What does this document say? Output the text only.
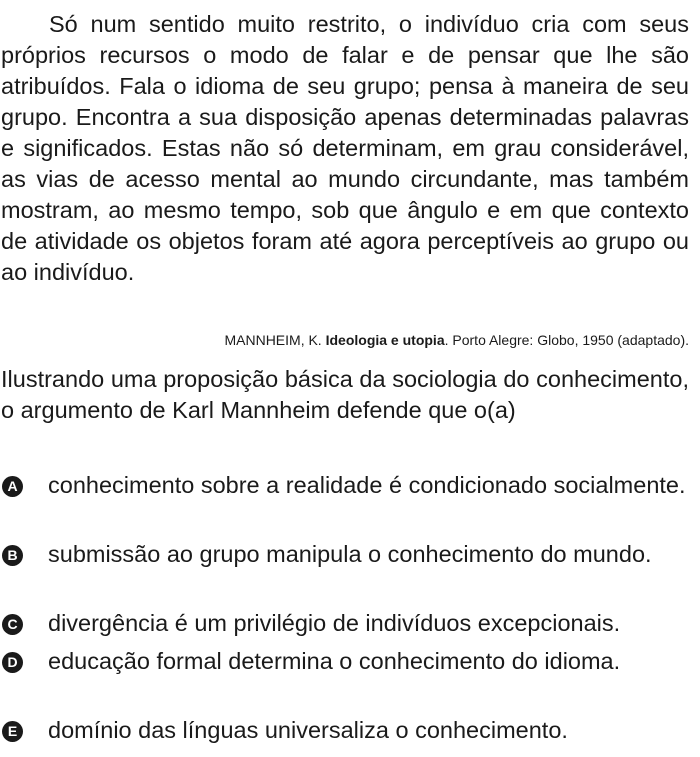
Só num sentido muito restrito, o indivíduo cria com seus próprios recursos o modo de falar e de pensar que lhe são atribuídos. Fala o idioma de seu grupo; pensa à maneira de seu grupo. Encontra a sua disposição apenas determinadas palavras e significados. Estas não só determinam, em grau considerável, as vias de acesso mental ao mundo circundante, mas também mostram, ao mesmo tempo, sob que ângulo e em que contexto de atividade os objetos foram até agora perceptíveis ao grupo ou ao indivíduo.

MANNHEIM, K. Ideologia e utopia. Porto Alegre: Globo, 1950 (adaptado).

Ilustrando uma proposição básica da sociologia do conhecimento, o argumento de Karl Mannheim defende que o(a)

A conhecimento sobre a realidade é condicionado socialmente.
B submissão ao grupo manipula o conhecimento do mundo.
C divergência é um privilégio de indivíduos excepcionais.
D educação formal determina o conhecimento do idioma.
E domínio das línguas universaliza o conhecimento.
